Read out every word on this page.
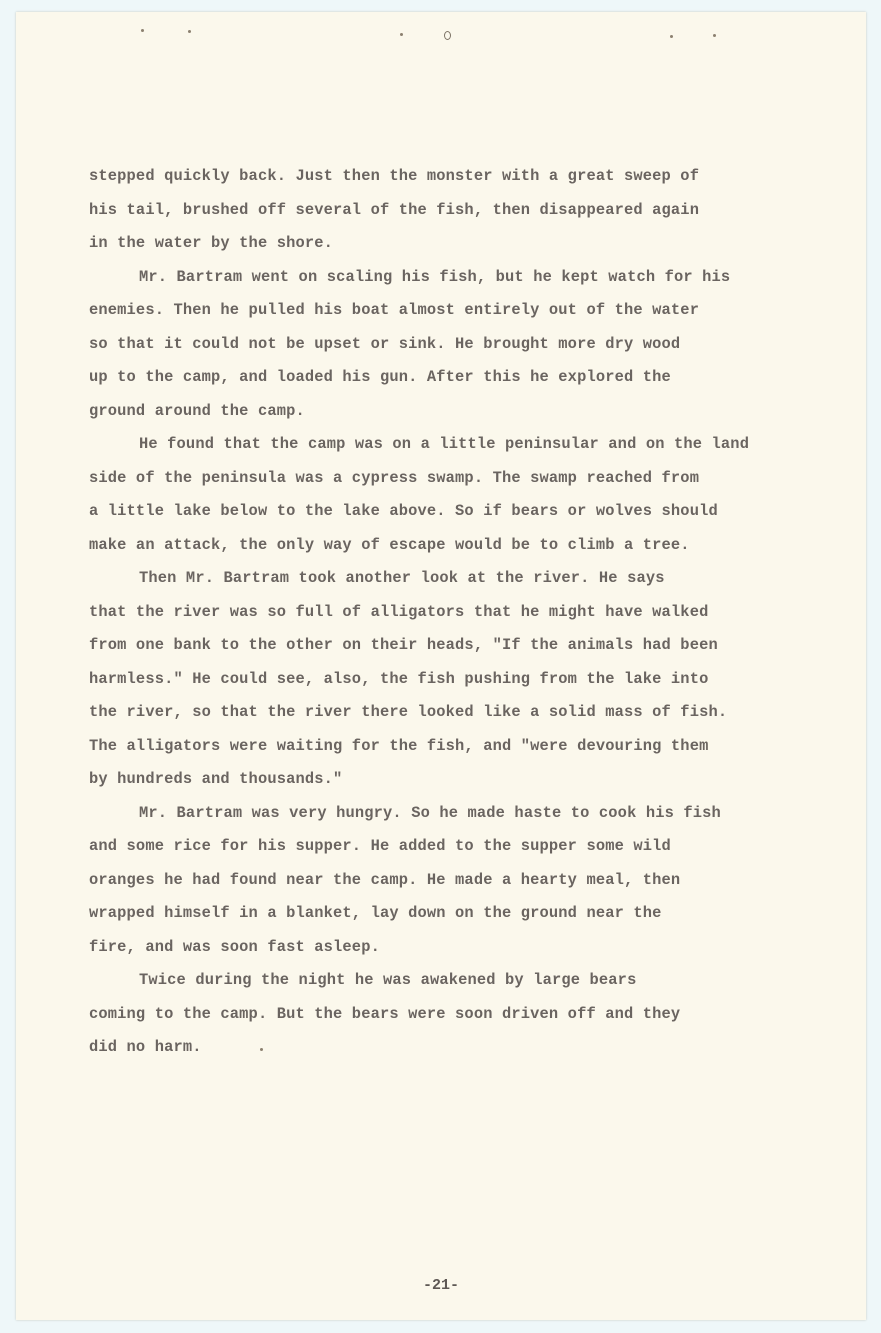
stepped quickly back. Just then the monster with a great sweep of
his tail, brushed off several of the fish, then disappeared again
in the water by the shore.

Mr. Bartram went on scaling his fish, but he kept watch for his
enemies. Then he pulled his boat almost entirely out of the water
so that it could not be upset or sink. He brought more dry wood
up to the camp, and loaded his gun. After this he explored the
ground around the camp.

He found that the camp was on a little peninsular and on the land
side of the peninsula was a cypress swamp. The swamp reached from
a little lake below to the lake above. So if bears or wolves should
make an attack, the only way of escape would be to climb a tree.

Then Mr. Bartram took another look at the river. He says
that the river was so full of alligators that he might have walked
from one bank to the other on their heads, "If the animals had been
harmless." He could see, also, the fish pushing from the lake into
the river, so that the river there looked like a solid mass of fish.
The alligators were waiting for the fish, and "were devouring them
by hundreds and thousands."

Mr. Bartram was very hungry. So he made haste to cook his fish
and some rice for his supper. He added to the supper some wild
oranges he had found near the camp. He made a hearty meal, then
wrapped himself in a blanket, lay down on the ground near the
fire, and was soon fast asleep.

Twice during the night he was awakened by large bears
coming to the camp. But the bears were soon driven off and they
did no harm.

-21-
